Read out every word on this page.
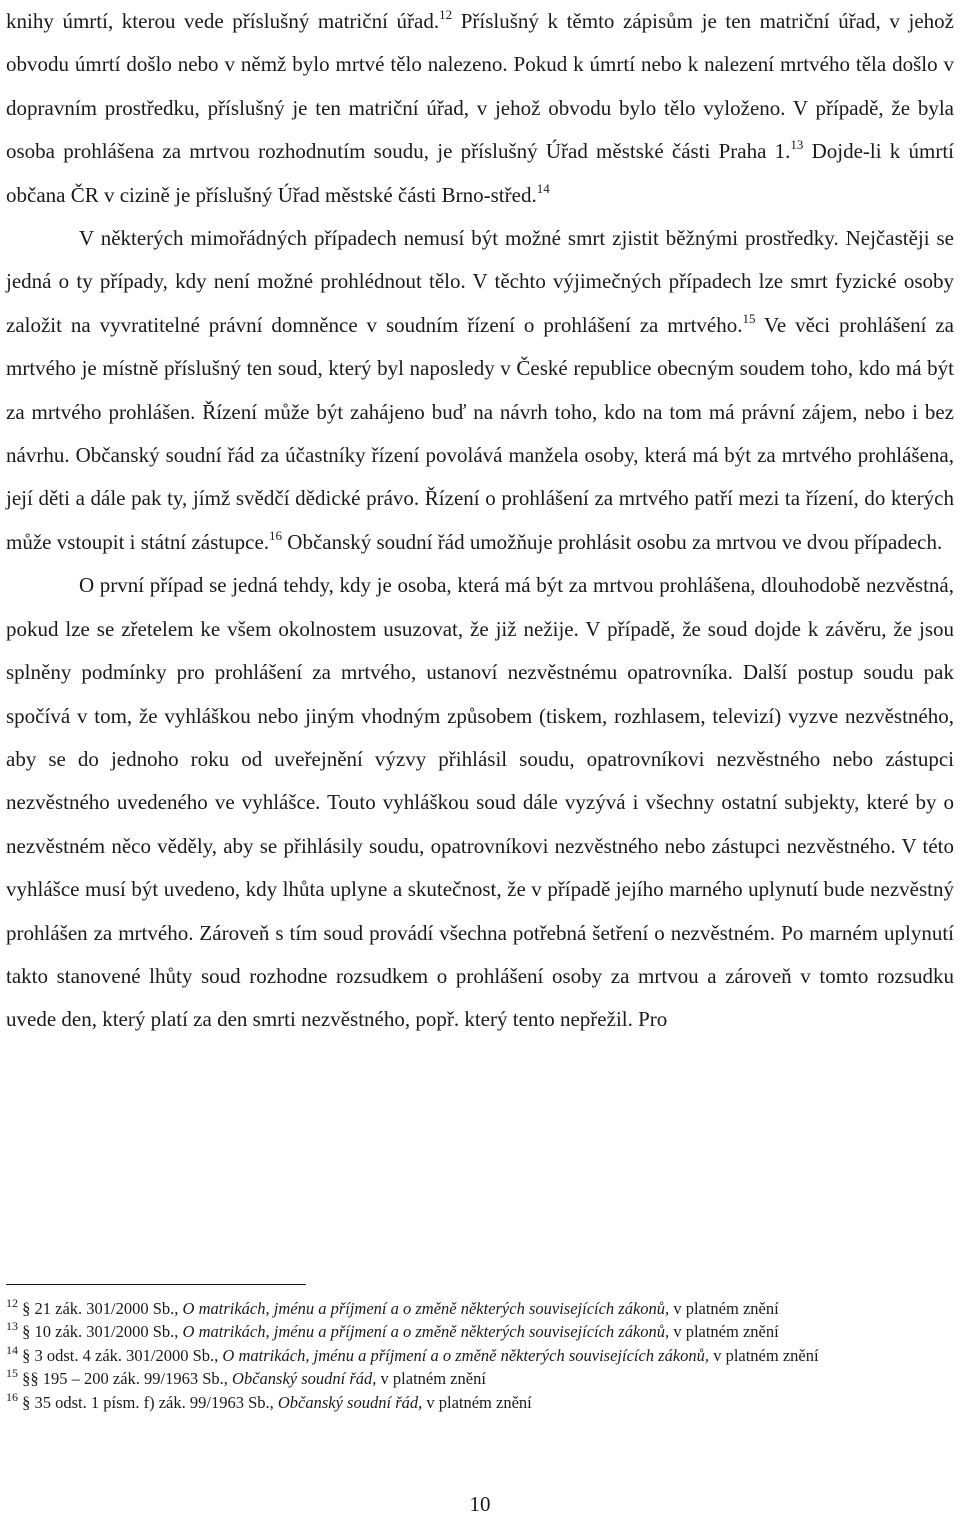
knihy úmrtí, kterou vede příslušný matriční úřad.$^{12}$ Příslušný k těmto zápisům je ten matriční úřad, v jehož obvodu úmrtí došlo nebo v němž bylo mrtvé tělo nalezeno. Pokud k úmrtí nebo k nalezení mrtvého těla došlo v dopravním prostředku, příslušný je ten matriční úřad, v jehož obvodu bylo tělo vyloženo. V případě, že byla osoba prohlášena za mrtvou rozhodnutím soudu, je příslušný Úřad městské části Praha 1.13 Dojde-li k úmrtí občana ČR v cizině je příslušný Úřad městské části Brno-střed.$^{14}$

V některých mimořádných případech nemusí být možné smrt zjistit běžnými prostředky. Nejčastěji se jedná o ty případy, kdy není možné prohlédnout tělo. V těchto výjimečných případech lze smrt fyzické osoby založit na vyvratitelné právní domněnce v soudním řízení o prohlášení za mrtvého.$^{15}$ Ve věci prohlášení za mrtvého je místně příslušný ten soud, který byl naposledy v České republice obecným soudem toho, kdo má být za mrtvého prohlášen. Řízení může být zahájeno buď na návrh toho, kdo na tom má právní zájem, nebo i bez návrhu. Občanský soudní řád za účastníky řízení povolává manžela osoby, která má být za mrtvého prohlášena, její děti a dále pak ty, jímž svědčí dědické právo. Řízení o prohlášení za mrtvého patří mezi ta řízení, do kterých může vstoupit i státní zástupce.$^{16}$ Občanský soudní řád umožňuje prohlásit osobu za mrtvou ve dvou případech.

O první případ se jedná tehdy, kdy je osoba, která má být za mrtvou prohlášena, dlouhodobě nezvěstná, pokud lze se zřetelem ke všem okolnostem usuzovat, že již nežije. V případě, že soud dojde k závěru, že jsou splněny podmínky pro prohlášení za mrtvého, ustanoví nezvěstnému opatrovníka. Další postup soudu pak spočívá v tom, že vyhláškou nebo jiným vhodným způsobem (tiskem, rozhlasem, televizí) vyzve nezvěstného, aby se do jednoho roku od uveřejnění výzvy přihlásil soudu, opatrovníkovi nezvěstného nebo zástupci nezvěstného uvedeného ve vyhlášce. Touto vyhláškou soud dále vyzývá i všechny ostatní subjekty, které by o nezvěstném něco věděly, aby se přihlásily soudu, opatrovníkovi nezvěstného nebo zástupci nezvěstného. V této vyhlášce musí být uvedeno, kdy lhůta uplyne a skutečnost, že v případě jejího marného uplynutí bude nezvěstný prohlášen za mrtvého. Zároveň s tím soud provádí všechna potřebná šetření o nezvěstném. Po marném uplynutí takto stanovené lhůty soud rozhodne rozsudkem o prohlášení osoby za mrtvou a zároveň v tomto rozsudku uvede den, který platí za den smrti nezvěstného, popř. který tento nepřežil. Pro

$^{12}$ § 21 zák. 301/2000 Sb., O matrikách, jménu a příjmení a o změně některých souvisejících zákonů, v platném znění

$^{13}$ § 10 zák. 301/2000 Sb., O matrikách, jménu a příjmení a o změně některých souvisejících zákonů, v platném znění

$^{14}$ § 3 odst. 4 zák. 301/2000 Sb., O matrikách, jménu a příjmení a o změně některých souvisejících zákonů, v platném znění

$^{15}$ §§ 195 – 200 zák. 99/1963 Sb., Občanský soudní řád, v platném znění

$^{16}$ § 35 odst. 1 písm. f) zák. 99/1963 Sb., Občanský soudní řád, v platném znění

10
